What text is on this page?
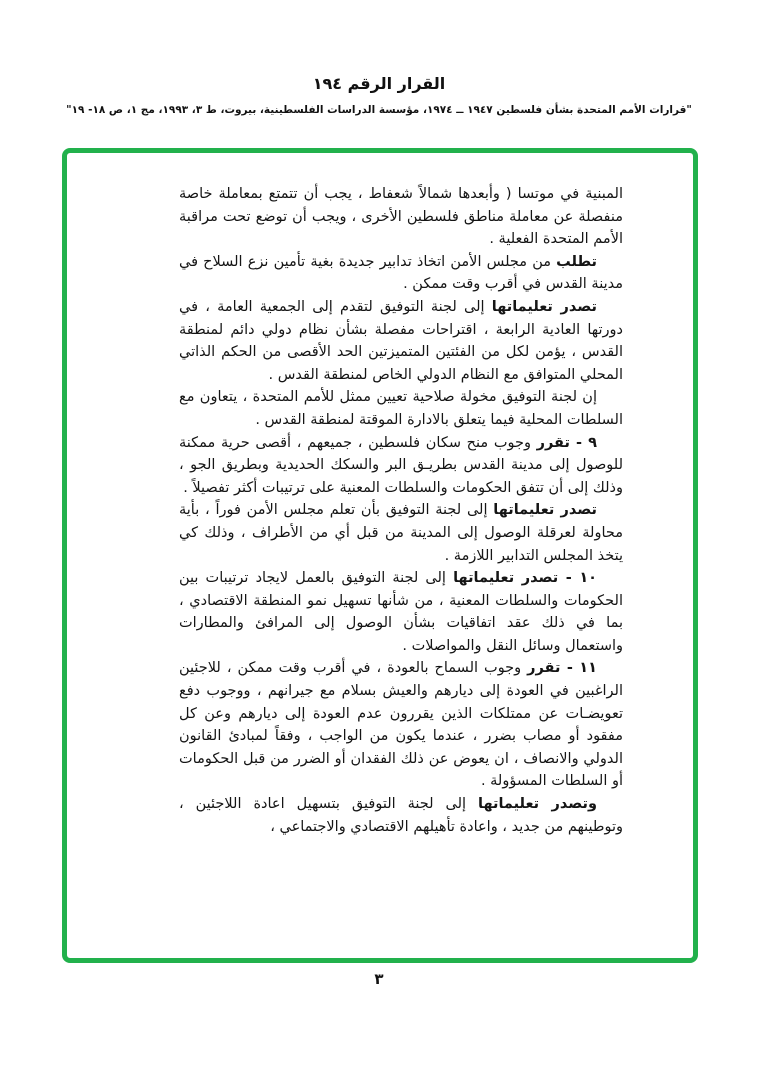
القرار الرقم ١٩٤
"قرارات الأمم المتحدة بشأن فلسطين ١٩٤٧ ــ ١٩٧٤، مؤسسة الدراسات الفلسطينية، بيروت، ط ٣، ١٩٩٣، مج ١، ص ١٨- ١٩"

المبنية في موتسا ( وأبعدها شمالاً شعفاط ، يجب أن تتمتع بمعاملة خاصة منفصلة عن معاملة مناطق فلسطين الأخرى ، ويجب أن توضع تحت مراقبة الأمم المتحدة الفعلية .

تطلب من مجلس الأمن اتخاذ تدابير جديدة بغية تأمين نزع السلاح في مدينة القدس في أقرب وقت ممكن .

تصدر تعليماتها إلى لجنة التوفيق لتقدم إلى الجمعية العامة ، في دورتها العادية الرابعة ، اقتراحات مفصلة بشأن نظام دولي دائم لمنطقة القدس ، يؤمن لكل من الفئتين المتميزتين الحد الأقصى من الحكم الذاتي المحلي المتوافق مع النظام الدولي الخاص لمنطقة القدس .

إن لجنة التوفيق مخولة صلاحية تعيين ممثل للأمم المتحدة ، يتعاون مع السلطات المحلية فيما يتعلق بالادارة الموقتة لمنطقة القدس .

٩ - تقرر وجوب منح سكان فلسطين ، جميعهم ، أقصى حرية ممكنة للوصول إلى مدينة القدس بطريـق البر والسكك الحديدية وبطريق الجو ، وذلك إلى أن تتفق الحكومات والسلطات المعنية على ترتيبات أكثر تفصيلاً .

تصدر تعليماتها إلى لجنة التوفيق بأن تعلم مجلس الأمن فوراً ، بأية محاولة لعرقلة الوصول إلى المدينة من قبل أي من الأطراف ، وذلك كي يتخذ المجلس التدابير اللازمة .

١٠ - تصدر تعليماتها إلى لجنة التوفيق بالعمل لايجاد ترتيبات بين الحكومات والسلطات المعنية ، من شأنها تسهيل نمو المنطقة الاقتصادي ، بما في ذلك عقد اتفاقيات بشأن الوصول إلى المرافئ والمطارات واستعمال وسائل النقل والمواصلات .

١١ - تقرر وجوب السماح بالعودة ، في أقرب وقت ممكن ، للاجئين الراغبين في العودة إلى ديارهم والعيش بسلام مع جيرانهم ، ووجوب دفع تعويضـات عن ممتلكات الذين يقررون عدم العودة إلى ديارهم وعن كل مفقود أو مصاب بضرر ، عندما يكون من الواجب ، وفقاً لمبادئ القانون الدولي والانصاف ، ان يعوض عن ذلك الفقدان أو الضرر من قبل الحكومات أو السلطات المسؤولة .

وتصدر تعليماتها إلى لجنة التوفيق بتسهيل اعادة اللاجئين ، وتوطينهم من جديد ، واعادة تأهيلهم الاقتصادي والاجتماعي ،

٣
